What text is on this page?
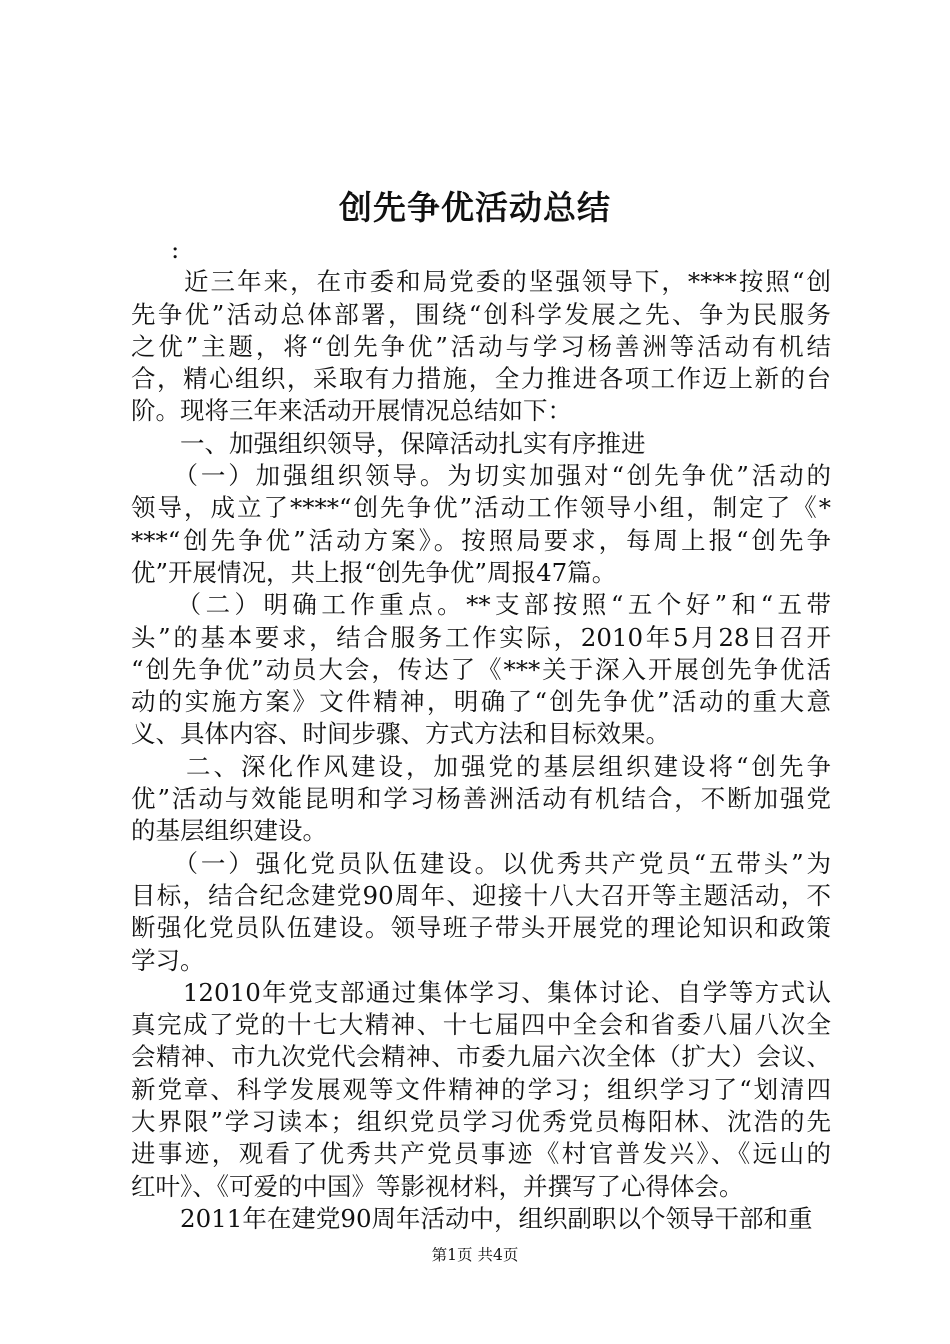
创先争优活动总结
:
　　近三年来，在市委和局党委的坚强领导下，****按照“创
先争优”活动总体部署，围绕“创科学发展之先、争为民服务
之优”主题，将“创先争优”活动与学习杨善洲等活动有机结
合，精心组织，采取有力措施，全力推进各项工作迈上新的台
阶。现将三年来活动开展情况总结如下：
　　一、加强组织领导，保障活动扎实有序推进
　　（一）加强组织领导。为切实加强对“创先争优”活动的
领导，成立了****“创先争优”活动工作领导小组，制定了《*
***“创先争优”活动方案》。按照局要求，每周上报“创先争
优”开展情况，共上报“创先争优”周报47篇。
　　（二）明确工作重点。**支部按照“五个好”和“五带
头”的基本要求，结合服务工作实际，2010年5月28日召开
“创先争优”动员大会，传达了《***关于深入开展创先争优活
动的实施方案》文件精神，明确了“创先争优”活动的重大意
义、具体内容、时间步骤、方式方法和目标效果。
　　二、深化作风建设，加强党的基层组织建设将“创先争
优”活动与效能昆明和学习杨善洲活动有机结合，不断加强党
的基层组织建设。
　　（一）强化党员队伍建设。以优秀共产党员“五带头”为
目标，结合纪念建党90周年、迎接十八大召开等主题活动，不
断强化党员队伍建设。领导班子带头开展党的理论知识和政策
学习。
　　12010年党支部通过集体学习、集体讨论、自学等方式认
真完成了党的十七大精神、十七届四中全会和省委八届八次全
会精神、市九次党代会精神、市委九届六次全体（扩大）会议、
新党章、科学发展观等文件精神的学习；组织学习了“划清四
大界限”学习读本；组织党员学习优秀党员梅阳林、沈浩的先
进事迹，观看了优秀共产党员事迹《村官普发兴》、《远山的
红叶》、《可爱的中国》等影视材料，并撰写了心得体会。
　　2011年在建党90周年活动中，组织副职以个领导干部和重
第1页 共4页
